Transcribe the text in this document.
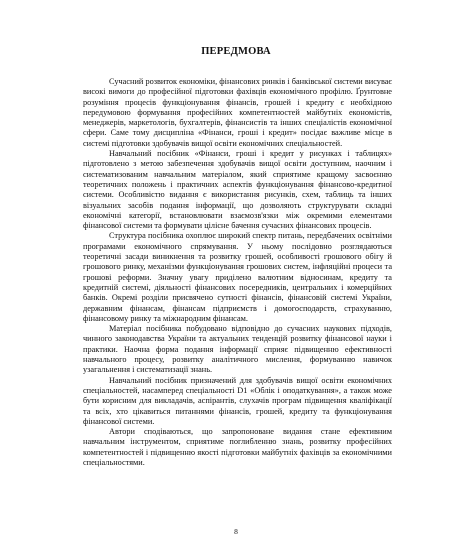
ПЕРЕДМОВА

Сучасний розвиток економіки, фінансових ринків і банківської системи висуває високі вимоги до професійної підготовки фахівців економічного профілю. Ґрунтовне розуміння процесів функціонування фінансів, грошей і кредиту є необхідною передумовою формування професійних компетентностей майбутніх економістів, менеджерів, маркетологів, бухгалтерів, фінансистів та інших спеціалістів економічної сфери. Саме тому дисципліна «Фінанси, гроші і кредит» посідає важливе місце в системі підготовки здобувачів вищої освіти економічних спеціальностей.

Навчальний посібник «Фінанси, гроші і кредит у рисунках і таблицях» підготовлено з метою забезпечення здобувачів вищої освіти доступним, наочним і систематизованим навчальним матеріалом, який сприятиме кращому засвоєнню теоретичних положень і практичних аспектів функціонування фінансово-кредитної системи. Особливістю видання є використання рисунків, схем, таблиць та інших візуальних засобів подання інформації, що дозволяють структурувати складні економічні категорії, встановлювати взаємозв'язки між окремими елементами фінансової системи та формувати цілісне бачення сучасних фінансових процесів.

Структура посібника охоплює широкий спектр питань, передбачених освітніми програмами економічного спрямування. У ньому послідовно розглядаються теоретичні засади виникнення та розвитку грошей, особливості грошового обігу й грошового ринку, механізми функціонування грошових систем, інфляційні процеси та грошові реформи. Значну увагу приділено валютним відносинам, кредиту та кредитній системі, діяльності фінансових посередників, центральних і комерційних банків. Окремі розділи присвячено сутності фінансів, фінансовій системі України, державним фінансам, фінансам підприємств і домогосподарств, страхуванню, фінансовому ринку та міжнародним фінансам.

Матеріал посібника побудовано відповідно до сучасних наукових підходів, чинного законодавства України та актуальних тенденцій розвитку фінансової науки і практики. Наочна форма подання інформації сприяє підвищенню ефективності навчального процесу, розвитку аналітичного мислення, формуванню навичок узагальнення і систематизації знань.

Навчальний посібник призначений для здобувачів вищої освіти економічних спеціальностей, насамперед спеціальності D1 «Облік і оподаткування», а також може бути корисним для викладачів, аспірантів, слухачів програм підвищення кваліфікації та всіх, хто цікавиться питаннями фінансів, грошей, кредиту та функціонування фінансової системи.

Автори сподіваються, що запропоноване видання стане ефективним навчальним інструментом, сприятиме поглибленню знань, розвитку професійних компетентностей і підвищенню якості підготовки майбутніх фахівців за економічними спеціальностями.

8
